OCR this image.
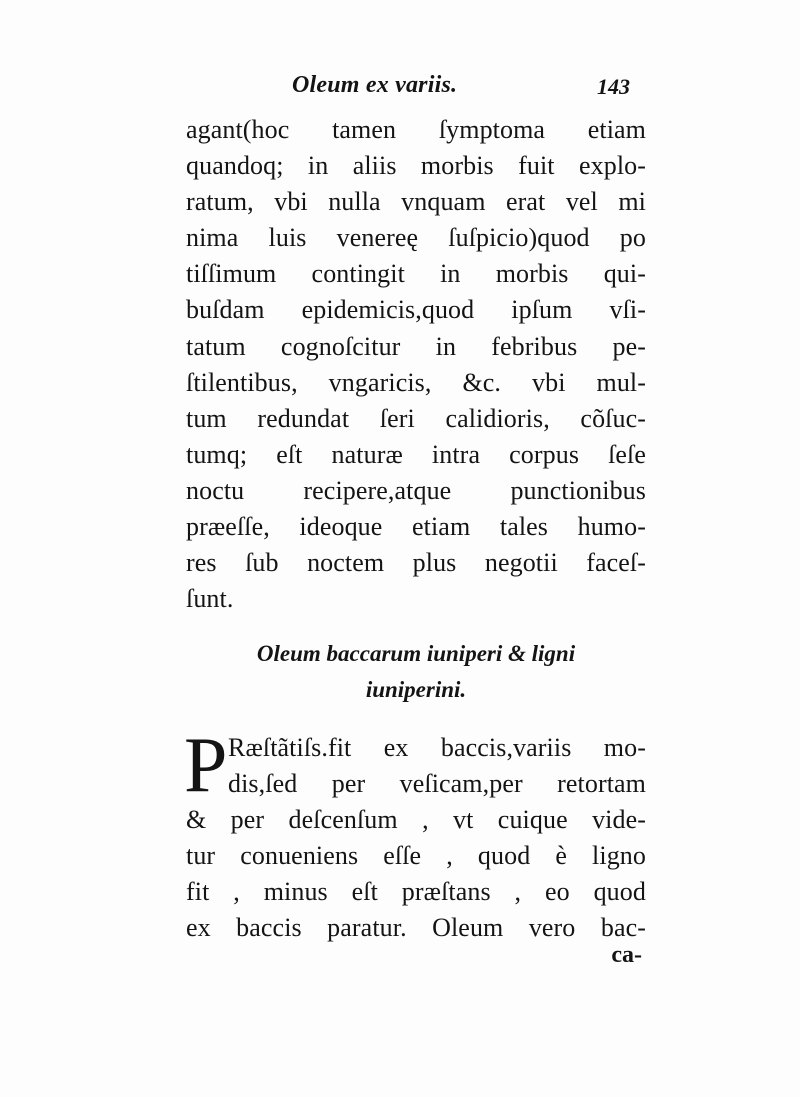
Oleum ex variis.	143
agant(hoc tamen ſymptoma etiam
quandoq; in aliis morbis fuit explo-
ratum, vbi nulla vnquam erat vel mi
nima luis venereę ſuſpicio)quod po
tiſſimum contingit in morbis qui-
buſdam epidemicis,quod ipſum vſi-
tatum cognoſcitur in febribus pe-
ſtilentibus, vngaricis, &c. vbi mul-
tum redundat ſeri calidioris, cõſuc-
tumq; eſt naturæ intra corpus ſeſe
noctu recipere,atque punctionibus
prӕeſſe, ideoque etiam tales humo-
res ſub noctem plus negotii faceſ-
ſunt.
Oleum baccarum iuniperi & ligni
iuniperini.
P Ræſtãtiſs.fit ex baccis,variis mo-
dis,ſed per veſicam,per retortam
& per deſcenſum , vt cuique vide-
tur conueniens eſſe , quod è ligno
fit , minus eſt præſtans , eo quod
ex baccis paratur. Oleum vero bac-
ca-
